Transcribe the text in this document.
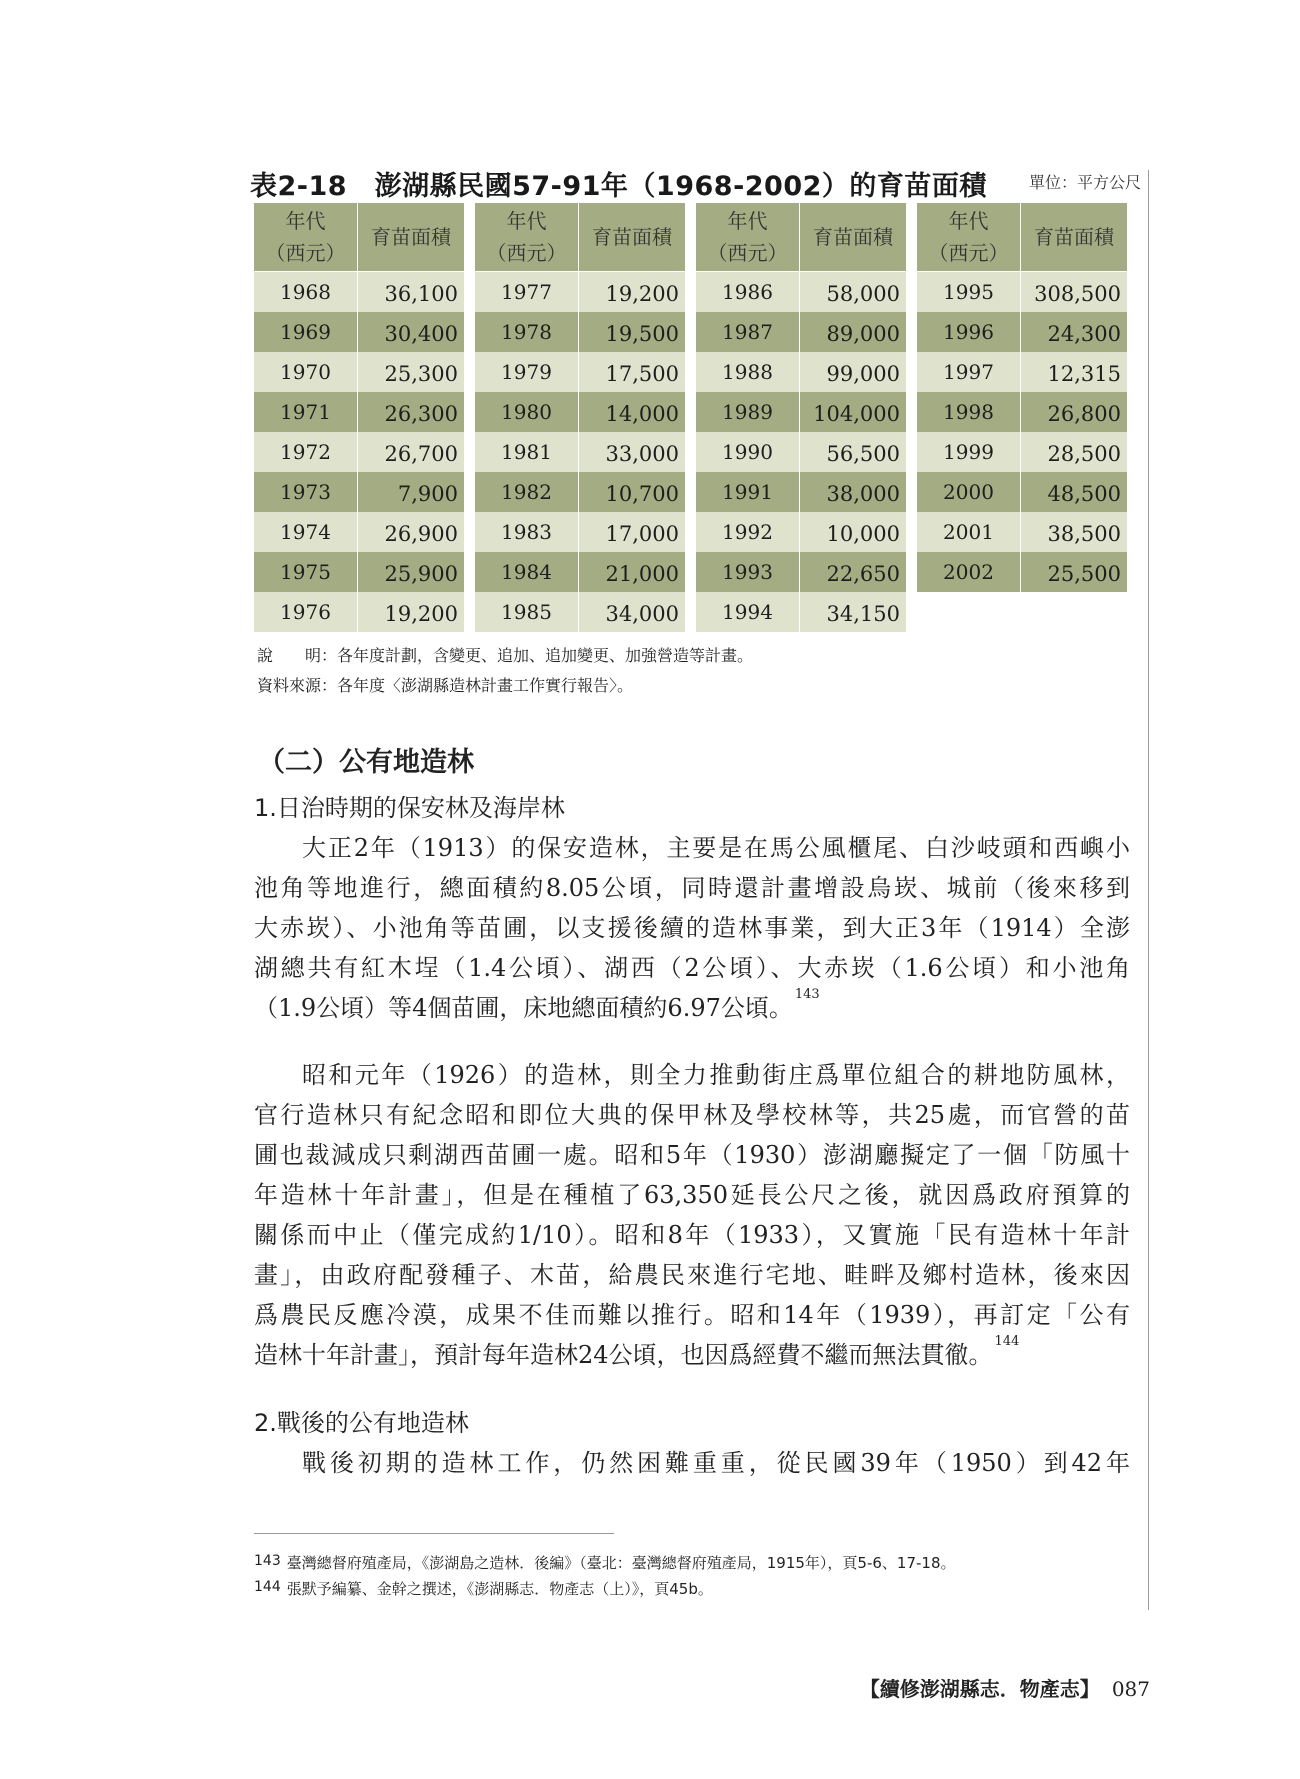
表2-18　澎湖縣民國57-91年（1968-2002）的育苗面積	單位：平方公尺
年代
（西元）
育苗面積
1968	36,100
1969	30,400
1970	25,300
1971	26,300
1972	26,700
1973	7,900
1974	26,900
1975	25,900
1976	19,200
年代
（西元）
育苗面積
1977	19,200
1978	19,500
1979	17,500
1980	14,000
1981	33,000
1982	10,700
1983	17,000
1984	21,000
1985	34,000
年代
（西元）
育苗面積
1986	58,000
1987	89,000
1988	99,000
1989	104,000
1990	56,500
1991	38,000
1992	10,000
1993	22,650
1994	34,150
年代
（西元）
育苗面積
1995	308,500
1996	24,300
1997	12,315
1998	26,800
1999	28,500
2000	48,500
2001	38,500
2002	25,500
說　　明：各年度計劃，含變更、追加、追加變更、加強營造等計畫。
資料來源：各年度〈澎湖縣造林計畫工作實行報告〉。
（二）公有地造林
1.日治時期的保安林及海岸林
大正2年（1913）的保安造林，主要是在馬公風櫃尾、白沙岐頭和西嶼小
池角等地進行，總面積約8.05公頃，同時還計畫增設烏崁、城前（後來移到
大赤崁）、小池角等苗圃，以支援後續的造林事業，到大正3年（1914）全澎
湖總共有紅木埕（1.4公頃）、湖西（2公頃）、大赤崁（1.6公頃）和小池角
（1.9公頃）等4個苗圃，床地總面積約6.97公頃。 $^{143}$
昭和元年（1926）的造林，則全力推動街庄爲單位組合的耕地防風林，
官行造林只有紀念昭和即位大典的保甲林及學校林等，共25處，而官營的苗
圃也裁減成只剩湖西苗圃一處。昭和5年（1930）澎湖廳擬定了一個「防風十
年造林十年計畫」，但是在種植了63,350延長公尺之後，就因爲政府預算的
關係而中止（僅完成約1/10）。昭和8年（1933），又實施「民有造林十年計
畫」，由政府配發種子、木苗，給農民來進行宅地、畦畔及鄉村造林，後來因
爲農民反應冷漠，成果不佳而難以推行。昭和14年（1939），再訂定「公有
造林十年計畫」，預計每年造林24公頃，也因爲經費不繼而無法貫徹。 $^{144}$
2.戰後的公有地造林
戰後初期的造林工作，仍然困難重重，從民國39年（1950）到42年
143 臺灣總督府殖產局，《澎湖島之造林．後編》（臺北：臺灣總督府殖產局，1915年），頁5-6、17-18。
144 張默予編纂、金幹之撰述，《澎湖縣志．物產志（上）》，頁45b。
【續修澎湖縣志．物產志】 087
